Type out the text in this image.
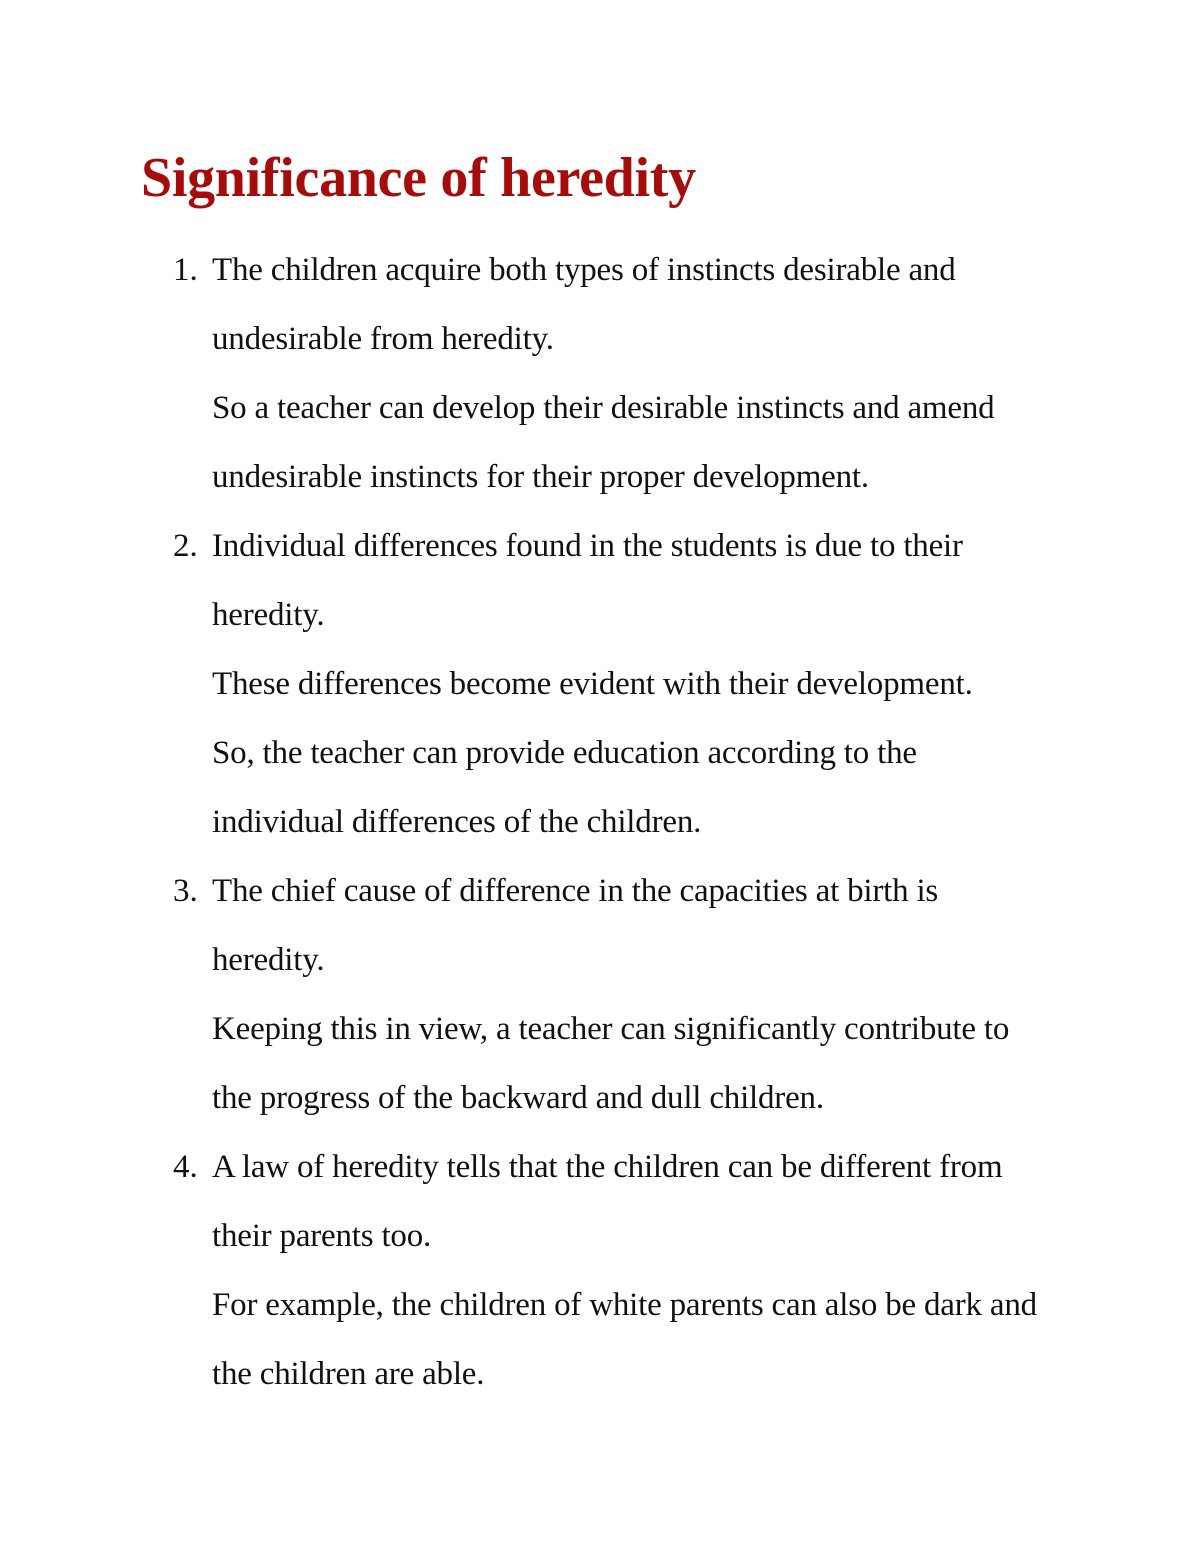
Significance of heredity
1. The children acquire both types of instincts desirable and
undesirable from heredity.
So a teacher can develop their desirable instincts and amend
undesirable instincts for their proper development.
2. Individual differences found in the students is due to their
heredity.
These differences become evident with their development.
So, the teacher can provide education according to the
individual differences of the children.
3. The chief cause of difference in the capacities at birth is
heredity.
Keeping this in view, a teacher can significantly contribute to
the progress of the backward and dull children.
4. A law of heredity tells that the children can be different from
their parents too.
For example, the children of white parents can also be dark and
the children are able.
